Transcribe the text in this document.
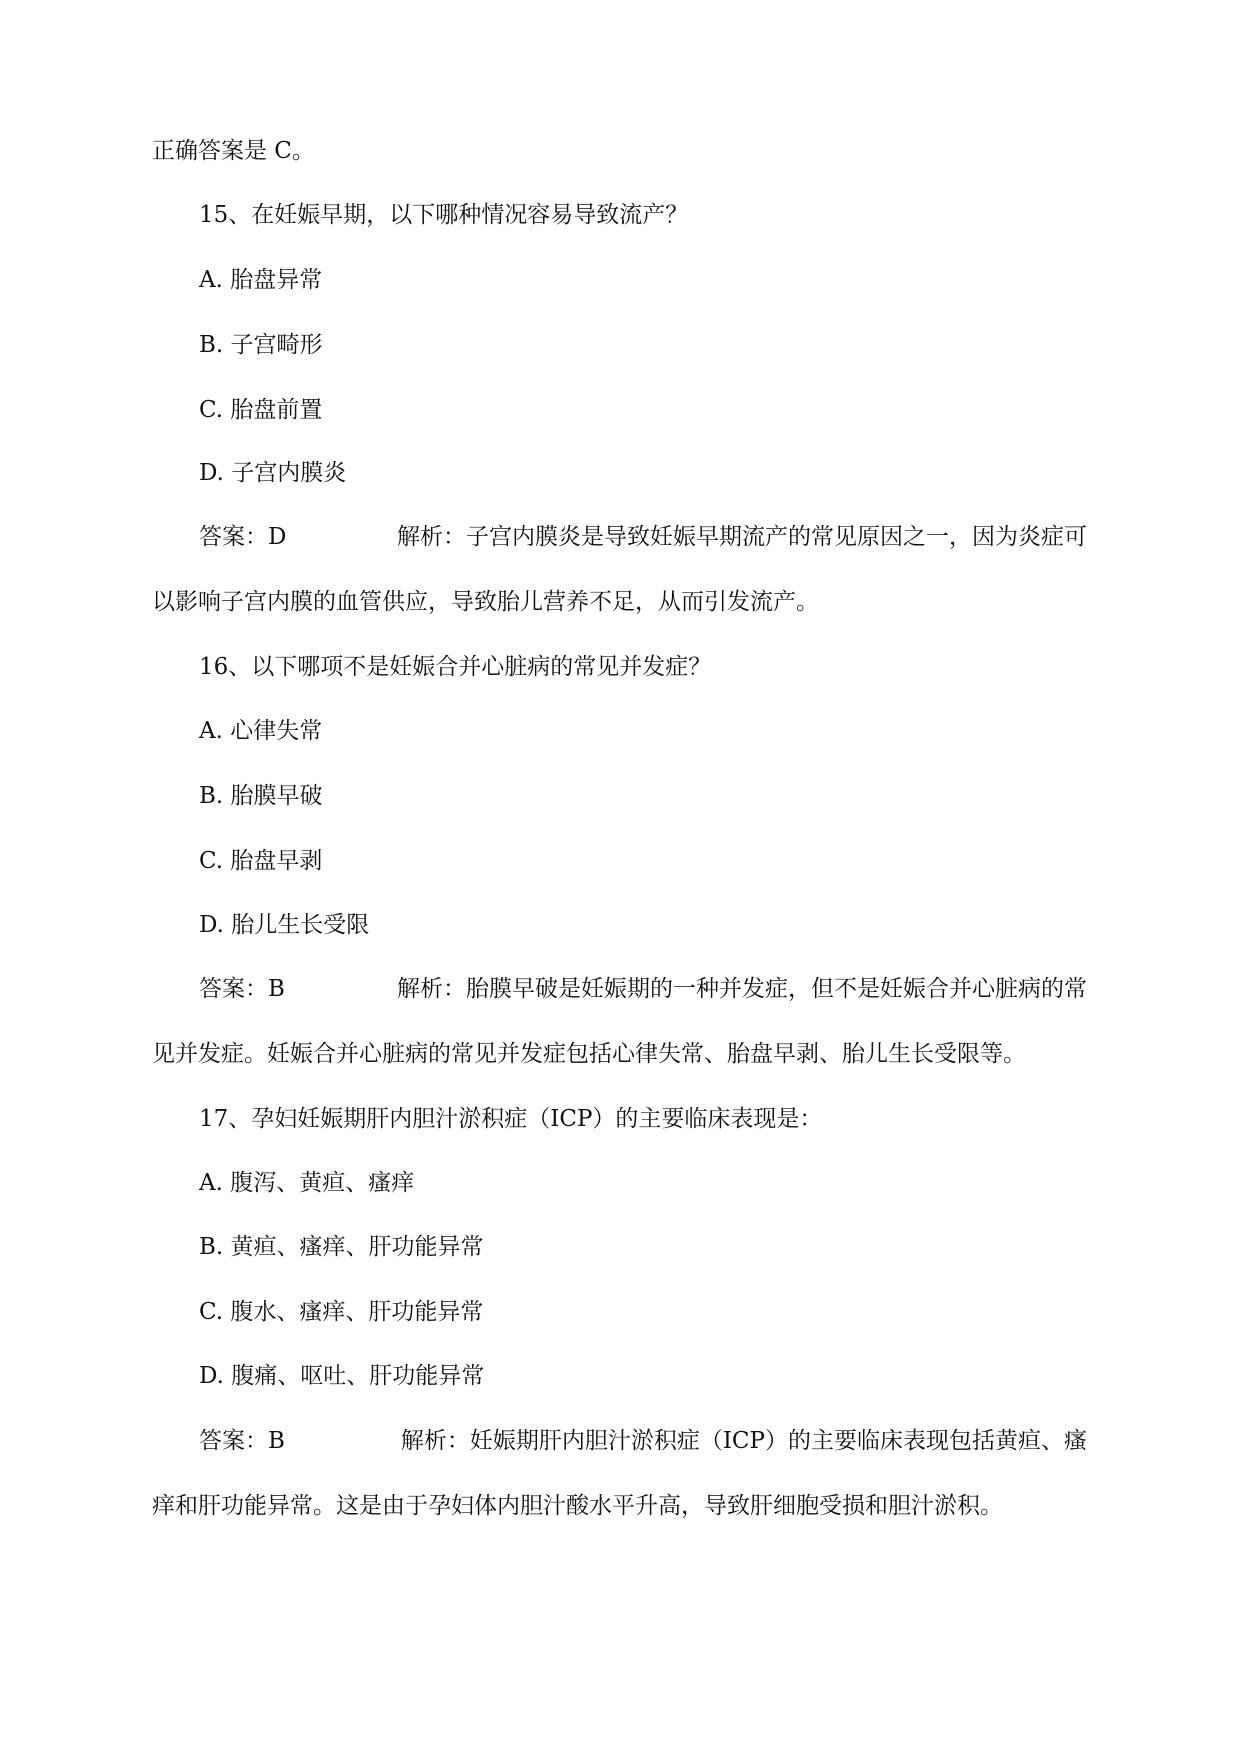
正确答案是 C。
15、在妊娠早期，以下哪种情况容易导致流产？
A. 胎盘异常
B. 子宫畸形
C. 胎盘前置
D. 子宫内膜炎
答案：D	解析：子宫内膜炎是导致妊娠早期流产的常见原因之一，因为炎症可
以影响子宫内膜的血管供应，导致胎儿营养不足，从而引发流产。
16、以下哪项不是妊娠合并心脏病的常见并发症？
A. 心律失常
B. 胎膜早破
C. 胎盘早剥
D. 胎儿生长受限
答案：B	解析：胎膜早破是妊娠期的一种并发症，但不是妊娠合并心脏病的常
见并发症。妊娠合并心脏病的常见并发症包括心律失常、胎盘早剥、胎儿生长受限等。
17、孕妇妊娠期肝内胆汁淤积症（ICP）的主要临床表现是：
A. 腹泻、黄疸、瘙痒
B. 黄疸、瘙痒、肝功能异常
C. 腹水、瘙痒、肝功能异常
D. 腹痛、呕吐、肝功能异常
答案：B	解析：妊娠期肝内胆汁淤积症（ICP）的主要临床表现包括黄疸、瘙
痒和肝功能异常。这是由于孕妇体内胆汁酸水平升高，导致肝细胞受损和胆汁淤积。
